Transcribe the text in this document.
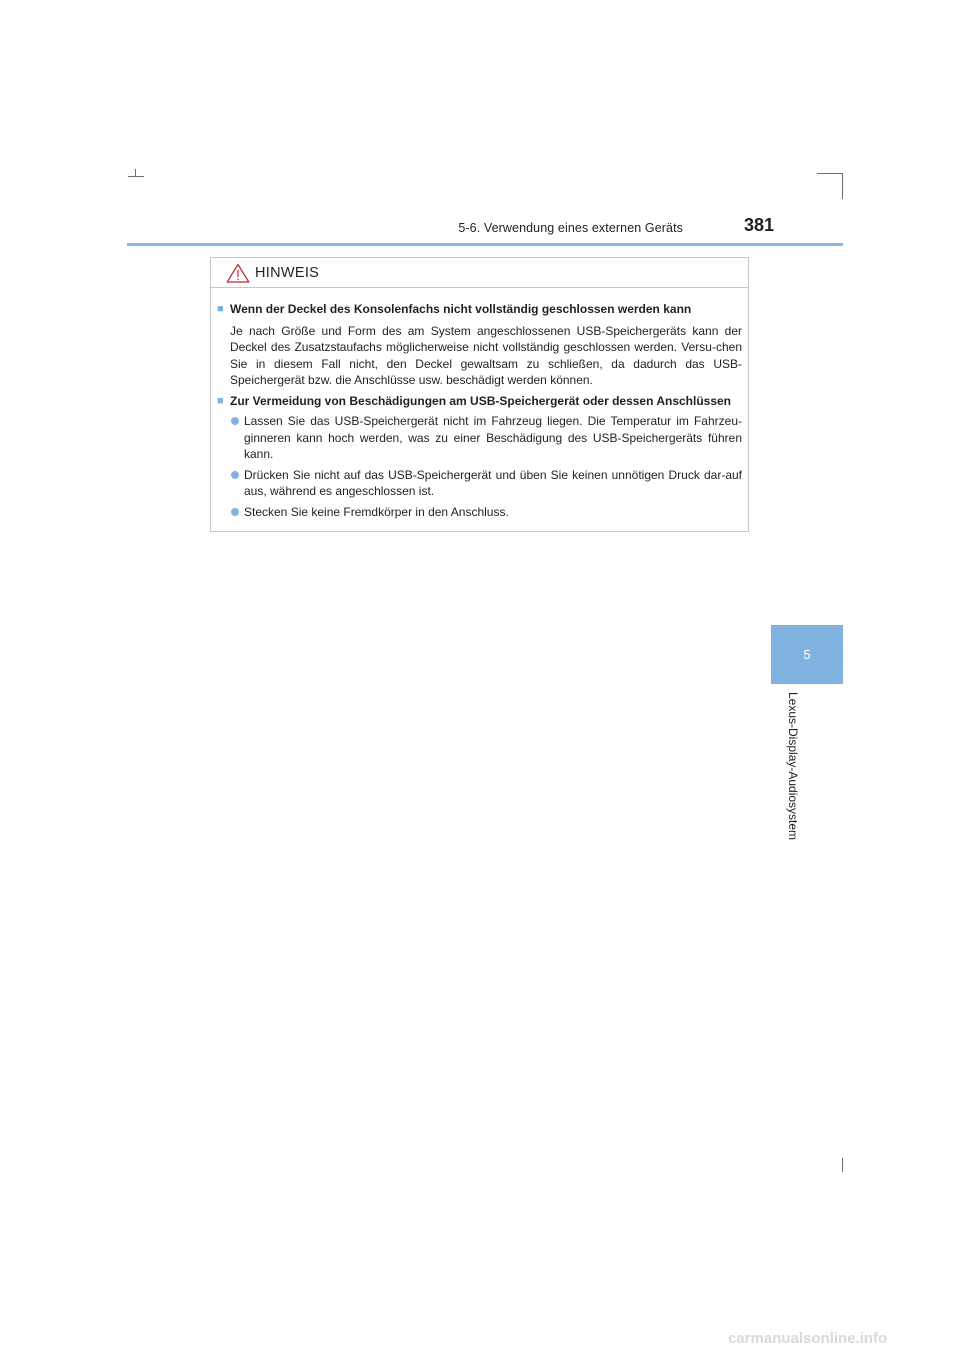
5-6. Verwendung eines externen Geräts	381
5
Lexus-Display-Audiosystem
HINWEIS
■ Wenn der Deckel des Konsolenfachs nicht vollständig geschlossen werden kann
Je nach Größe und Form des am System angeschlossenen USB-Speichergeräts kann der Deckel des Zusatzstaufachs möglicherweise nicht vollständig geschlossen werden. Versu-chen Sie in diesem Fall nicht, den Deckel gewaltsam zu schließen, da dadurch das USB-Speichergerät bzw. die Anschlüsse usw. beschädigt werden können.
■ Zur Vermeidung von Beschädigungen am USB-Speichergerät oder dessen Anschlüssen
Lassen Sie das USB-Speichergerät nicht im Fahrzeug liegen. Die Temperatur im Fahrzeu-ginneren kann hoch werden, was zu einer Beschädigung des USB-Speichergeräts führen kann.
Drücken Sie nicht auf das USB-Speichergerät und üben Sie keinen unnötigen Druck dar-auf aus, während es angeschlossen ist.
Stecken Sie keine Fremdkörper in den Anschluss.
carmanualsonline.info
